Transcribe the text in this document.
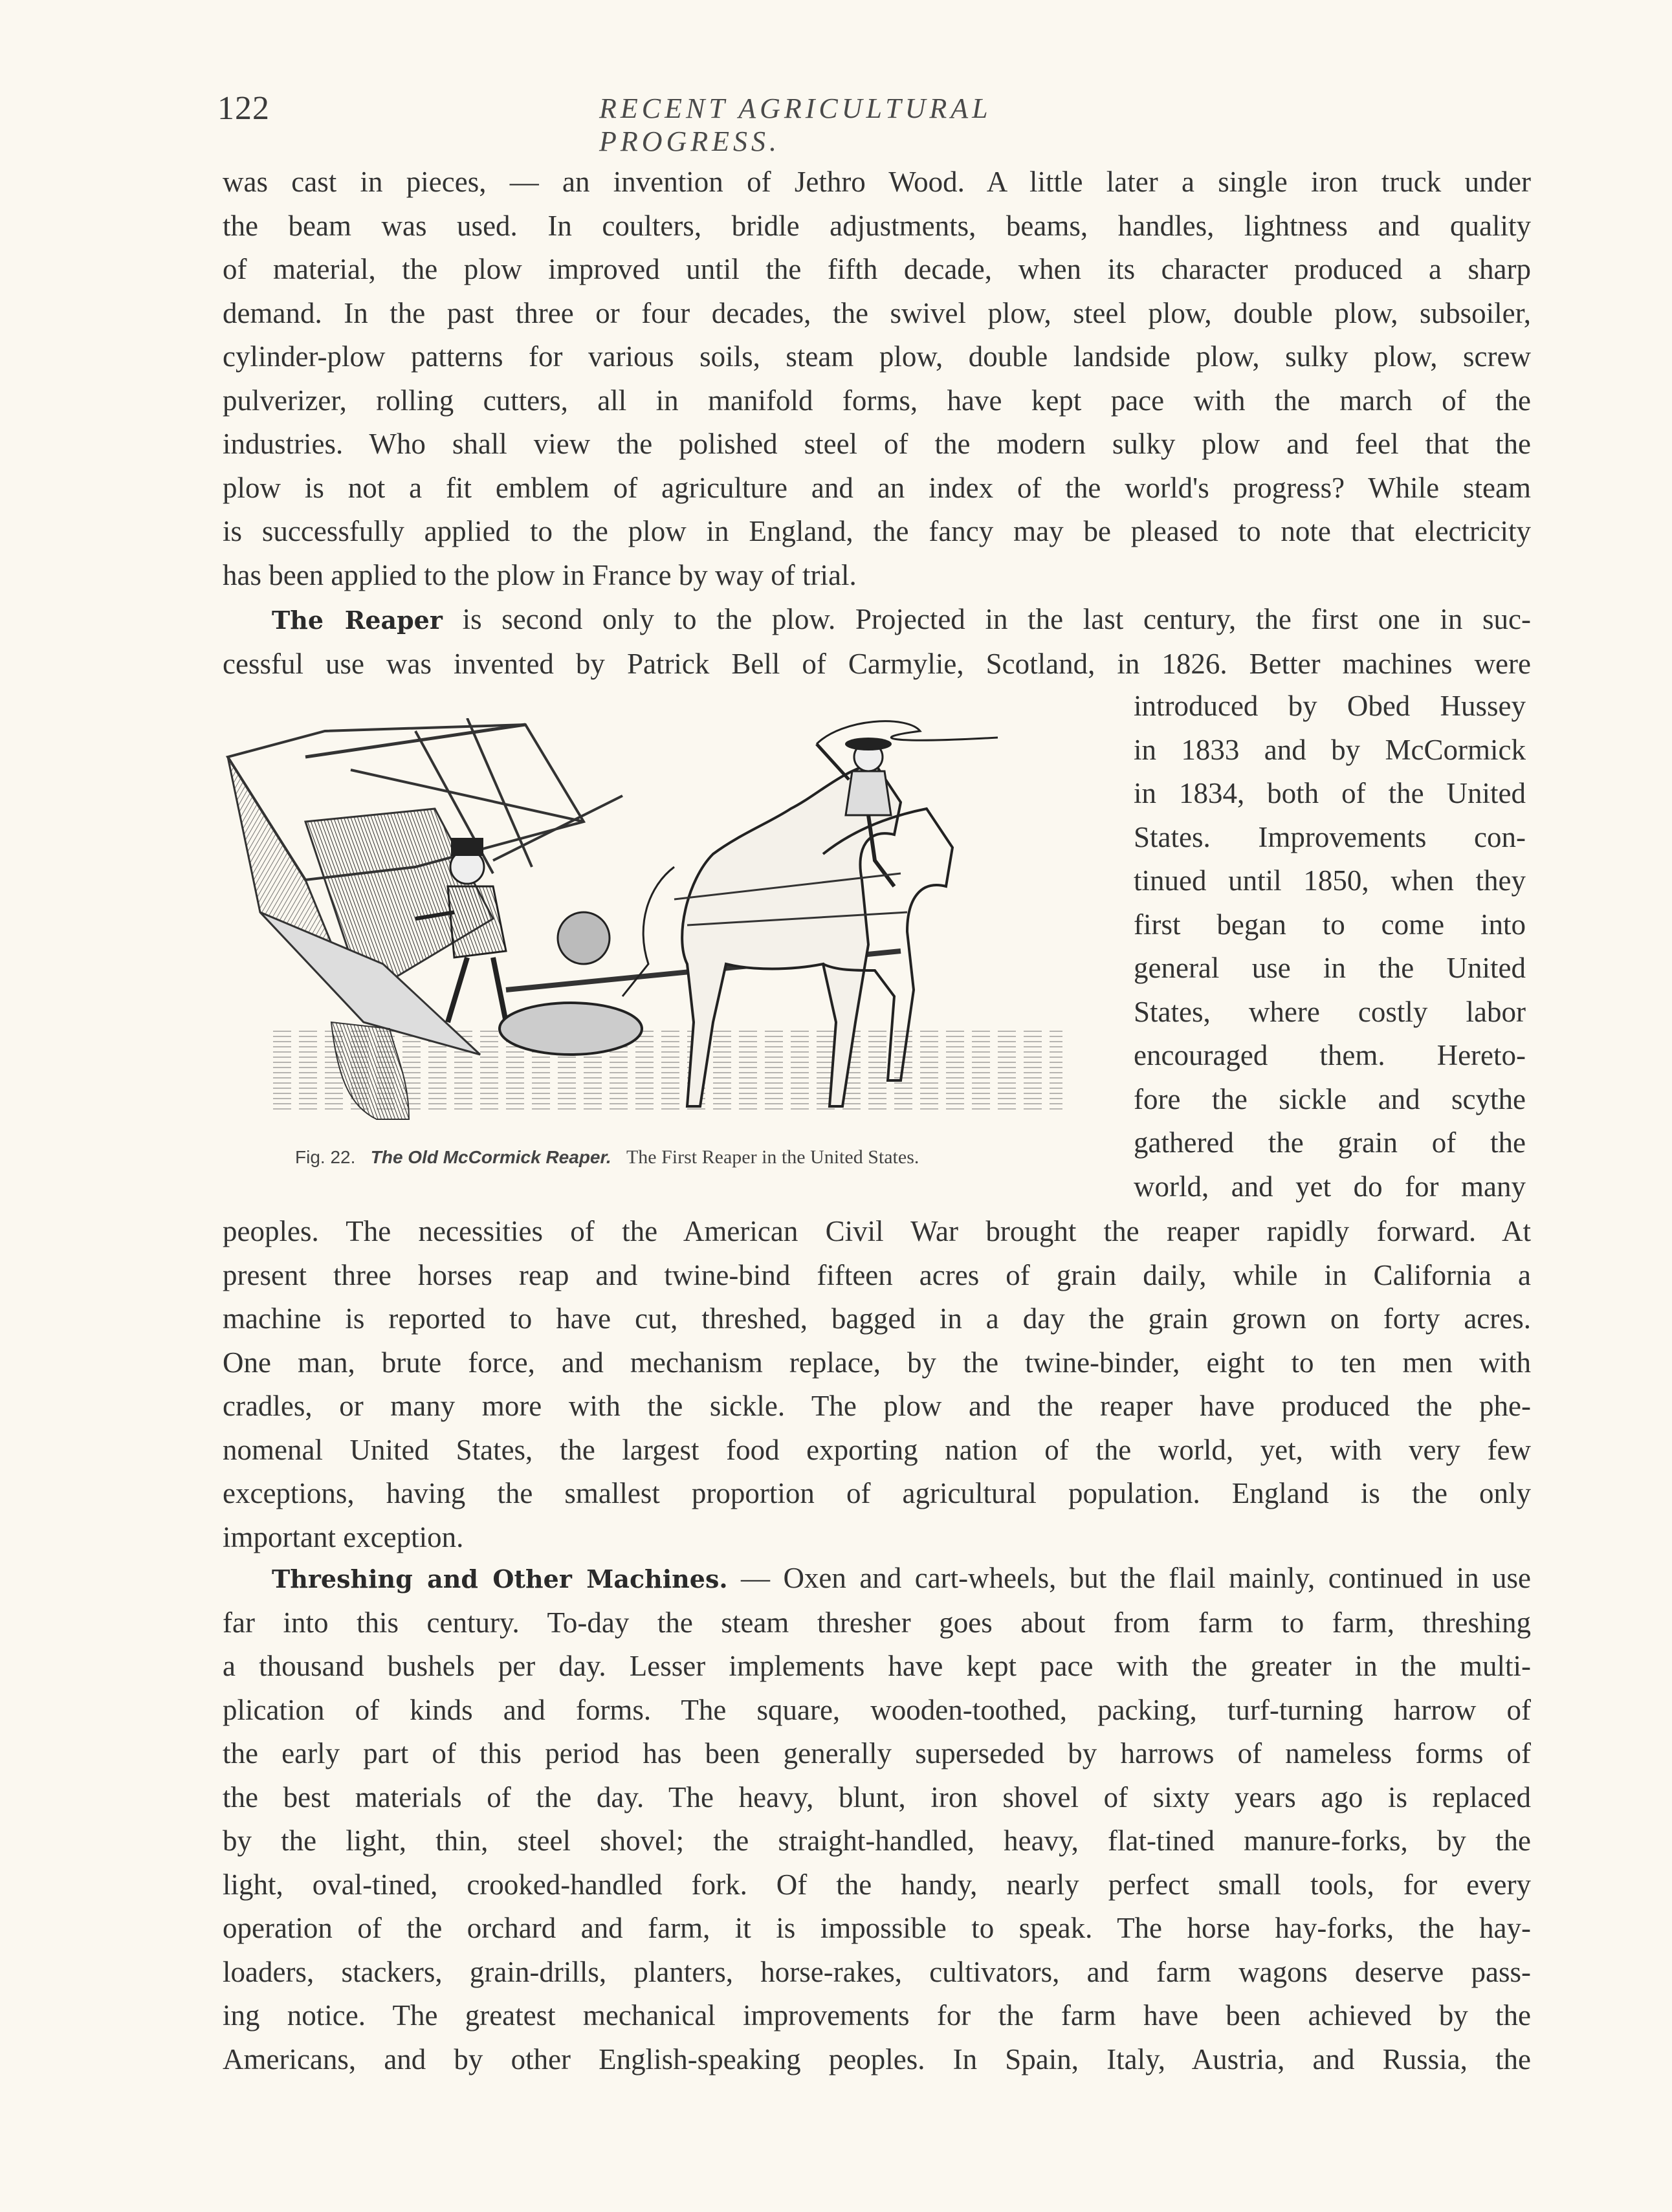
122	RECENT AGRICULTURAL PROGRESS.
was cast in pieces, — an invention of Jethro Wood. A little later a single iron truck under
the beam was used. In coulters, bridle adjustments, beams, handles, lightness and quality
of material, the plow improved until the fifth decade, when its character produced a sharp
demand. In the past three or four decades, the swivel plow, steel plow, double plow, subsoiler,
cylinder-plow patterns for various soils, steam plow, double landside plow, sulky plow, screw
pulverizer, rolling cutters, all in manifold forms, have kept pace with the march of the
industries. Who shall view the polished steel of the modern sulky plow and feel that the
plow is not a fit emblem of agriculture and an index of the world's progress? While steam
is successfully applied to the plow in England, the fancy may be pleased to note that electricity
has been applied to the plow in France by way of trial.
The Reaper is second only to the plow. Projected in the last century, the first one in suc-
cessful use was invented by Patrick Bell of Carmylie, Scotland, in 1826. Better machines were
Fig. 22. The Old McCormick Reaper. The First Reaper in the United States.
introduced by Obed Hussey
in 1833 and by McCormick
in 1834, both of the United
States. Improvements con-
tinued until 1850, when they
first began to come into
general use in the United
States, where costly labor
encouraged them. Hereto-
fore the sickle and scythe
gathered the grain of the
world, and yet do for many
peoples. The necessities of the American Civil War brought the reaper rapidly forward. At
present three horses reap and twine-bind fifteen acres of grain daily, while in California a
machine is reported to have cut, threshed, bagged in a day the grain grown on forty acres.
One man, brute force, and mechanism replace, by the twine-binder, eight to ten men with
cradles, or many more with the sickle. The plow and the reaper have produced the phe-
nomenal United States, the largest food exporting nation of the world, yet, with very few
exceptions, having the smallest proportion of agricultural population. England is the only
important exception.
Threshing and Other Machines. — Oxen and cart-wheels, but the flail mainly, continued in use
far into this century. To-day the steam thresher goes about from farm to farm, threshing
a thousand bushels per day. Lesser implements have kept pace with the greater in the multi-
plication of kinds and forms. The square, wooden-toothed, packing, turf-turning harrow of
the early part of this period has been generally superseded by harrows of nameless forms of
the best materials of the day. The heavy, blunt, iron shovel of sixty years ago is replaced
by the light, thin, steel shovel; the straight-handled, heavy, flat-tined manure-forks, by the
light, oval-tined, crooked-handled fork. Of the handy, nearly perfect small tools, for every
operation of the orchard and farm, it is impossible to speak. The horse hay-forks, the hay-
loaders, stackers, grain-drills, planters, horse-rakes, cultivators, and farm wagons deserve pass-
ing notice. The greatest mechanical improvements for the farm have been achieved by the
Americans, and by other English-speaking peoples. In Spain, Italy, Austria, and Russia, the
